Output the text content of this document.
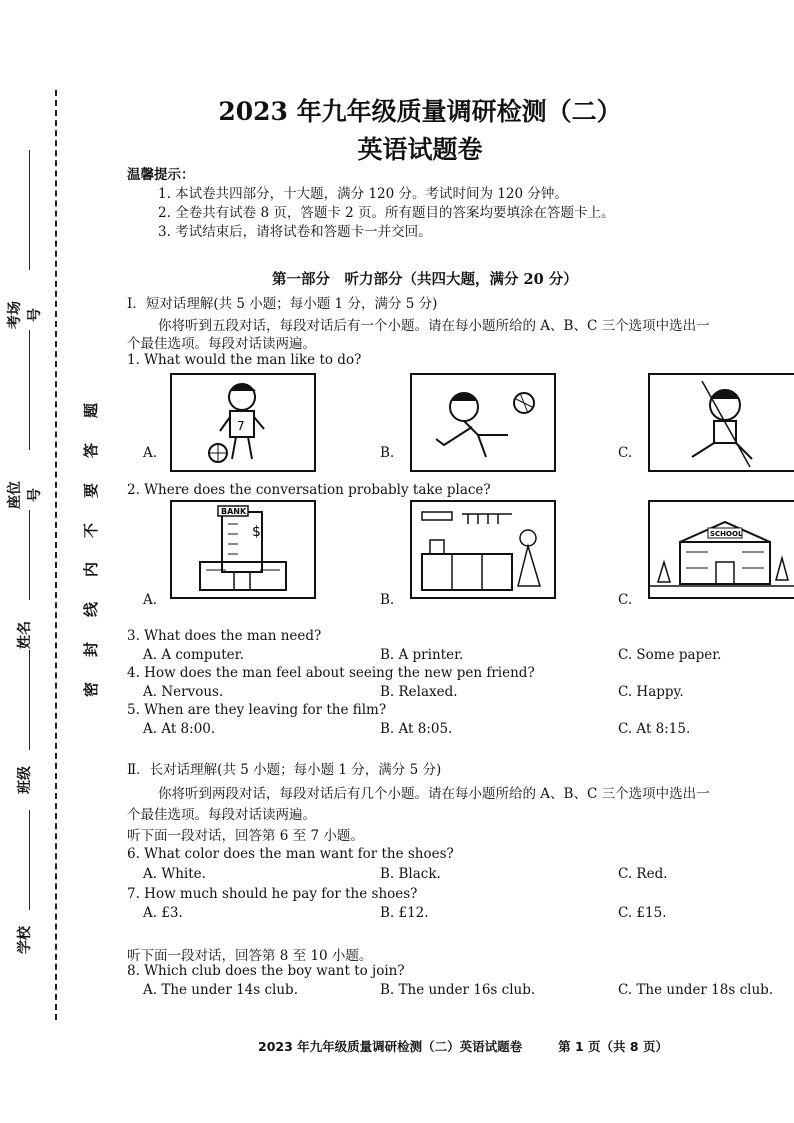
考场号
座位号
姓名
班级
学校
题
答
要
不
内
线
封
密
2023 年九年级质量调研检测（二）
英语试题卷
温馨提示：
1. 本试卷共四部分，十大题，满分 120 分。考试时间为 120 分钟。
2. 全卷共有试卷 8 页，答题卡 2 页。所有题目的答案均要填涂在答题卡上。
3. 考试结束后，请将试卷和答题卡一并交回。
第一部分　听力部分（共四大题，满分 20 分）
Ⅰ．短对话理解(共 5 小题；每小题 1 分，满分 5 分)
你将听到五段对话，每段对话后有一个小题。请在每小题所给的 A、B、C 三个选项中选出一
个最佳选项。每段对话读两遍。
1. What would the man like to do?
A.
7
B.	C.
2. Where does the conversation probably take place?
A.
BANK
$
B.	C.
SCHOOL
3. What does the man need?
A. A computer.	B. A printer.	C. Some paper.
4. How does the man feel about seeing the new pen friend?
A. Nervous.	B. Relaxed.	C. Happy.
5. When are they leaving for the film?
A. At 8:00.	B. At 8:05.	C. At 8:15.
Ⅱ．长对话理解(共 5 小题；每小题 1 分，满分 5 分)
你将听到两段对话，每段对话后有几个小题。请在每小题所给的 A、B、C 三个选项中选出一
个最佳选项。每段对话读两遍。
听下面一段对话，回答第 6 至 7 小题。
6. What color does the man want for the shoes?
A. White.	B. Black.	C. Red.
7. How much should he pay for the shoes?
A. £3.	B. £12.	C. £15.
听下面一段对话，回答第 8 至 10 小题。
8. Which club does the boy want to join?
A. The under 14s club.	B. The under 16s club.	C. The under 18s club.
2023 年九年级质量调研检测（二）英语试题卷	第 1 页（共 8 页）
